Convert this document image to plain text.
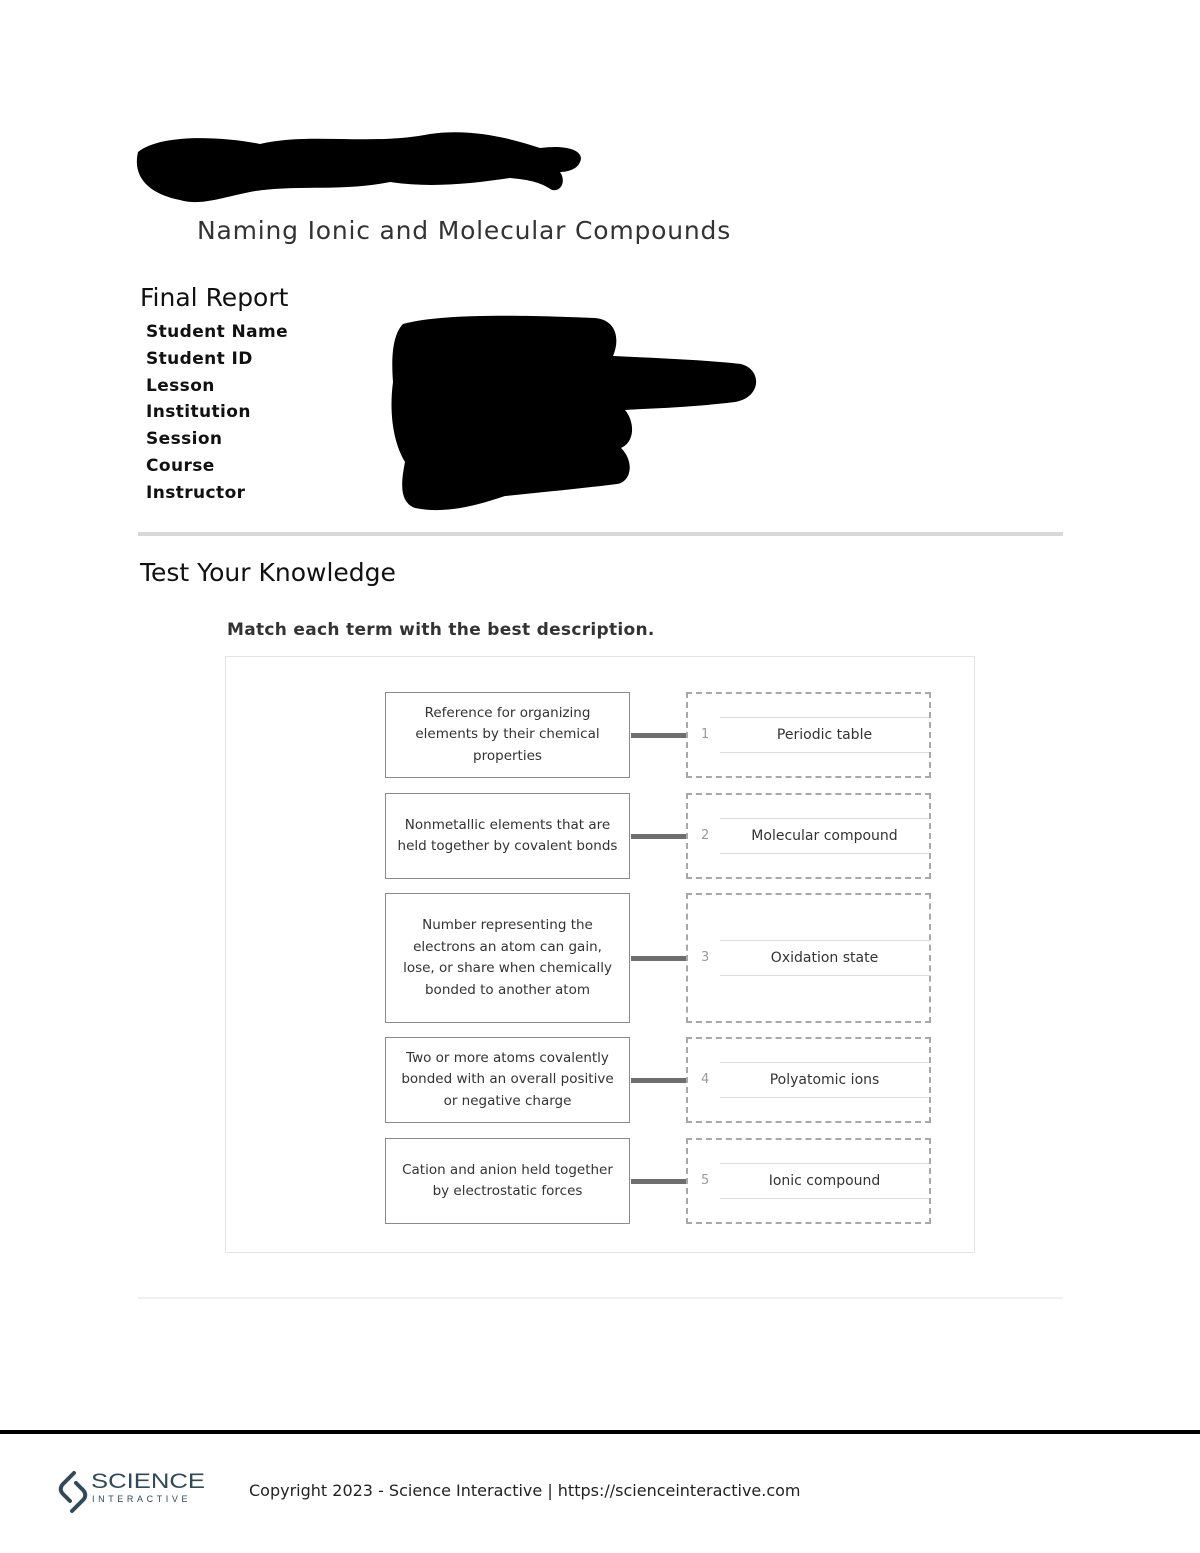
Naming Ionic and Molecular Compounds
Final Report
Student Name
Student ID
Lesson
Institution
Session
Course
Instructor
Test Your Knowledge
Match each term with the best description.
Reference for organizing elements by their chemical properties
1	Periodic table
Nonmetallic elements that are held together by covalent bonds
2	Molecular compound
Number representing the electrons an atom can gain, lose, or share when chemically bonded to another atom
3	Oxidation state
Two or more atoms covalently bonded with an overall positive or negative charge
4	Polyatomic ions
Cation and anion held together by electrostatic forces
5	Ionic compound
SCIENCE
INTERACTIVE	Copyright 2023 - Science Interactive | https://scienceinteractive.com
